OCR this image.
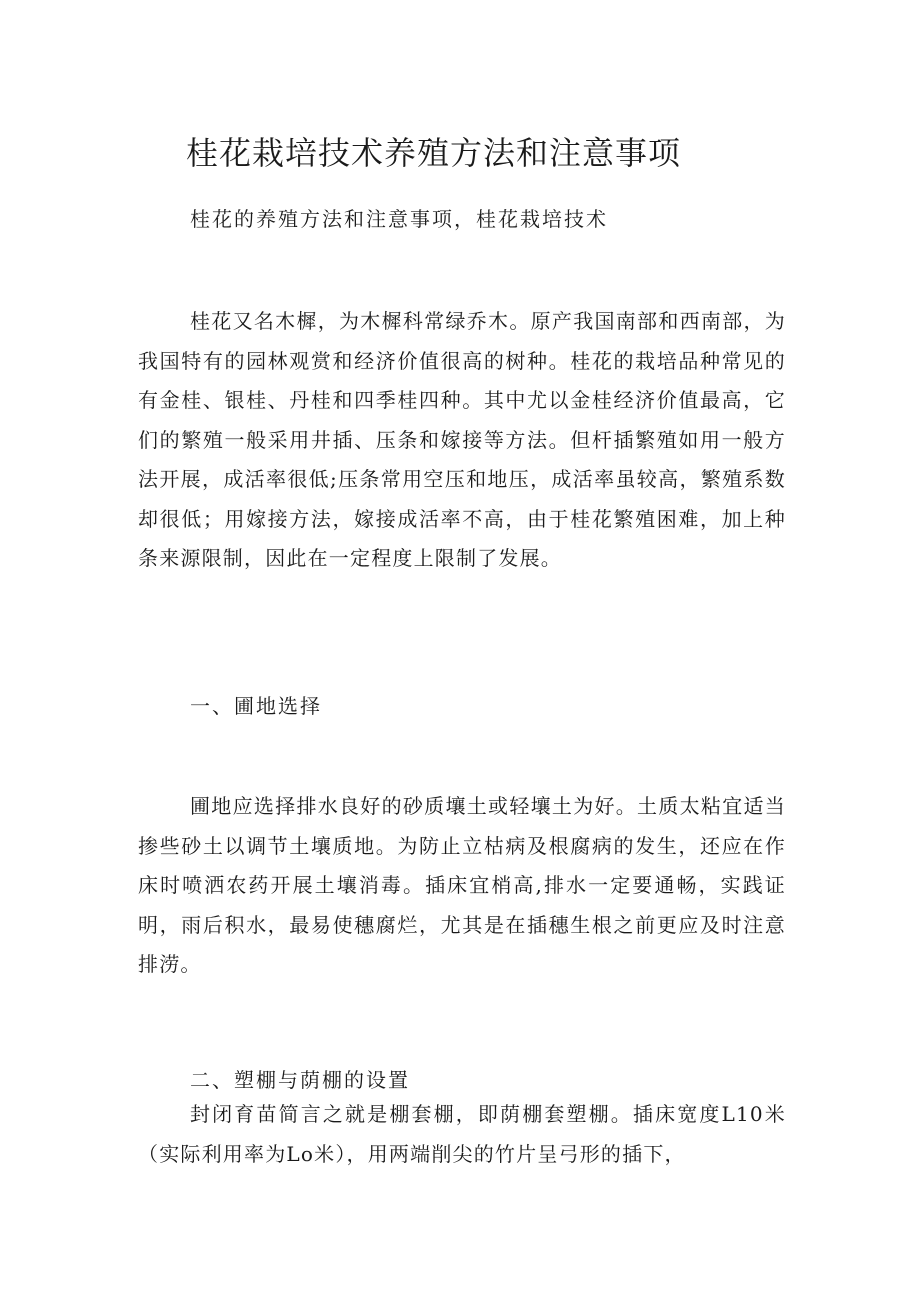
桂花栽培技术养殖方法和注意事项

桂花的养殖方法和注意事项，桂花栽培技术

桂花又名木樨，为木樨科常绿乔木。原产我国南部和西南部，为我国特有的园林观赏和经济价值很高的树种。桂花的栽培品种常见的有金桂、银桂、丹桂和四季桂四种。其中尤以金桂经济价值最高，它们的繁殖一般采用井插、压条和嫁接等方法。但杆插繁殖如用一般方法开展，成活率很低;压条常用空压和地压，成活率虽较高，繁殖系数却很低；用嫁接方法，嫁接成活率不高，由于桂花繁殖困难，加上种条来源限制，因此在一定程度上限制了发展。

一、圃地选择

圃地应选择排水良好的砂质壤土或轻壤土为好。土质太粘宜适当掺些砂土以调节土壤质地。为防止立枯病及根腐病的发生，还应在作床时喷洒农药开展土壤消毒。插床宜梢高,排水一定要通畅，实践证明，雨后积水，最易使穗腐烂，尤其是在插穗生根之前更应及时注意排涝。

二、塑棚与荫棚的设置

封闭育苗简言之就是棚套棚，即荫棚套塑棚。插床宽度L10米（实际利用率为Lo米），用两端削尖的竹片呈弓形的插下，
